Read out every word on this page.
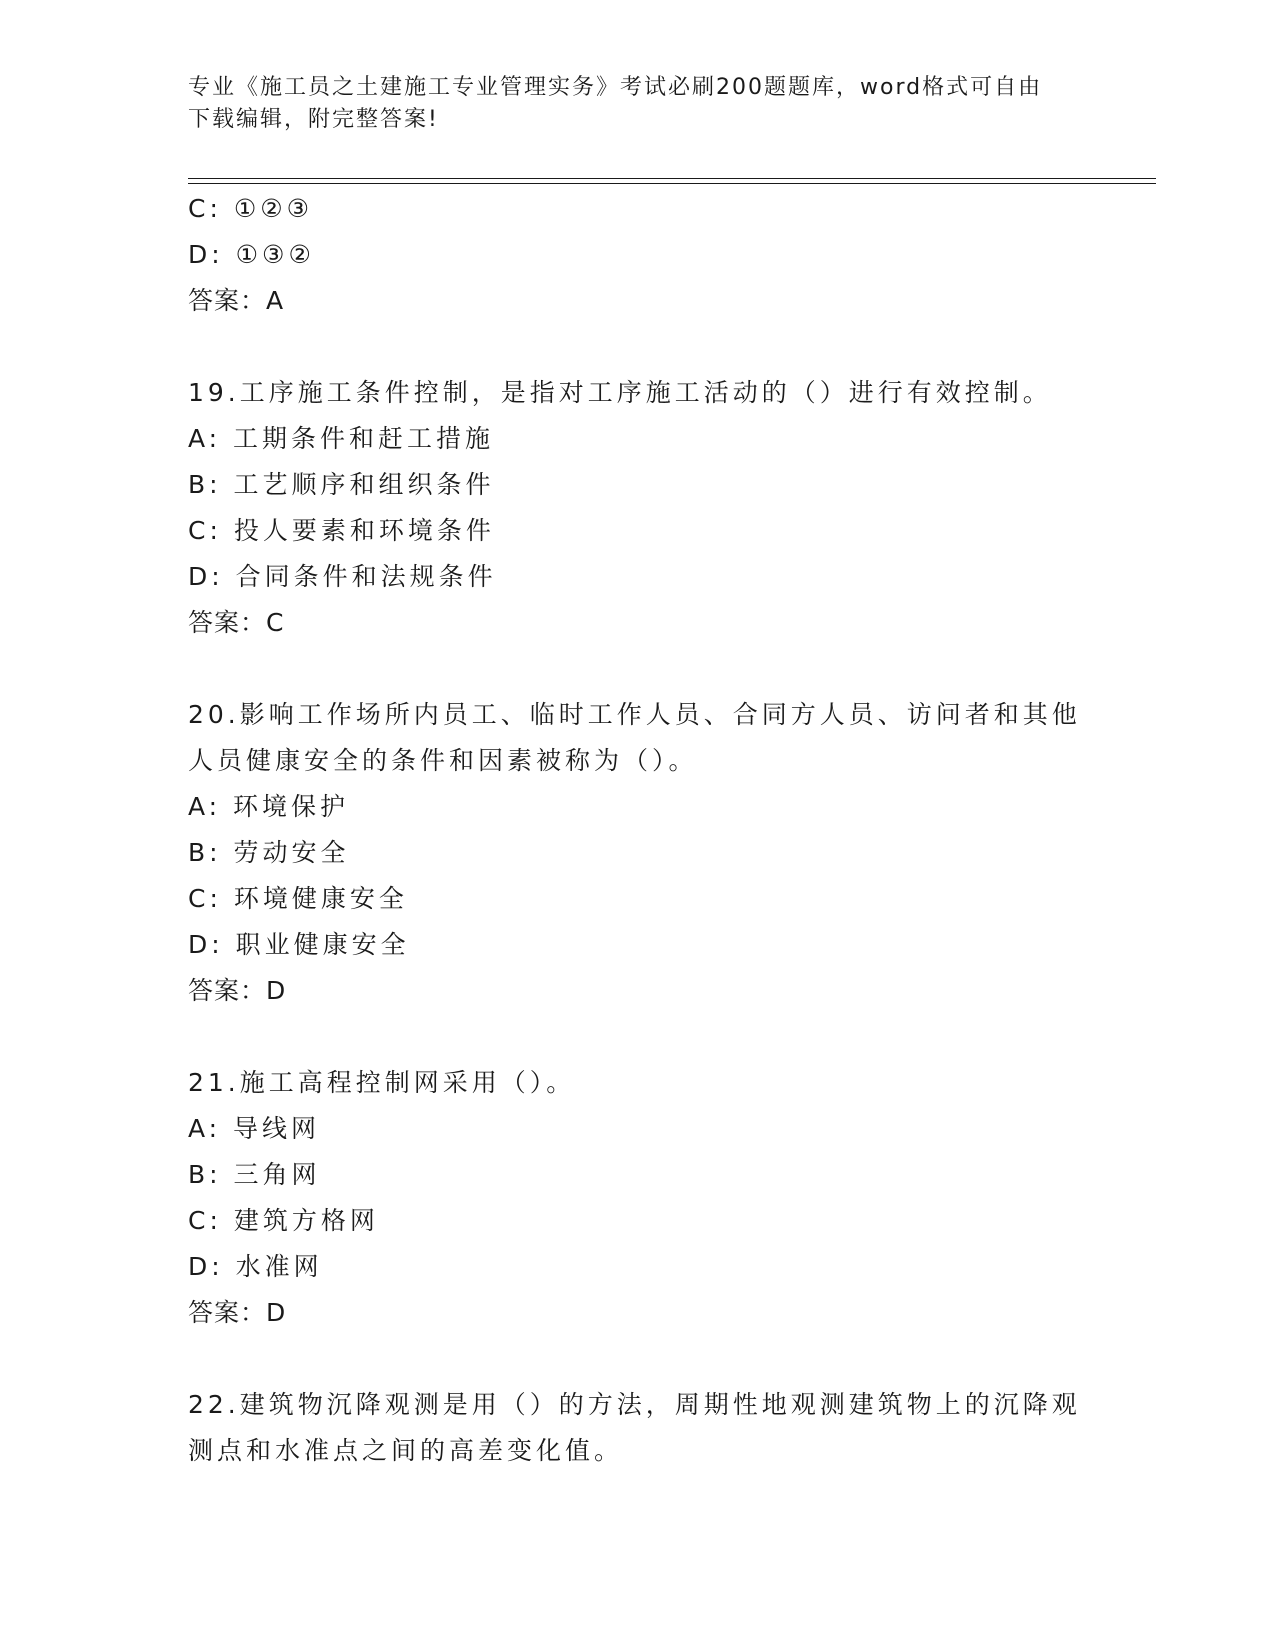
专业《施工员之土建施工专业管理实务》考试必刷200题题库，word格式可自由
下载编辑，附完整答案!
C: ①②③
D: ①③②
答案：A
19.工序施工条件控制，是指对工序施工活动的（）进行有效控制。
A: 工期条件和赶工措施
B: 工艺顺序和组织条件
C: 投人要素和环境条件
D: 合同条件和法规条件
答案：C
20.影响工作场所内员工、临时工作人员、合同方人员、访问者和其他
人员健康安全的条件和因素被称为（）。
A: 环境保护
B: 劳动安全
C: 环境健康安全
D: 职业健康安全
答案：D
21.施工高程控制网采用（）。
A: 导线网
B: 三角网
C: 建筑方格网
D: 水准网
答案：D
22.建筑物沉降观测是用（）的方法，周期性地观测建筑物上的沉降观
测点和水准点之间的高差变化值。
